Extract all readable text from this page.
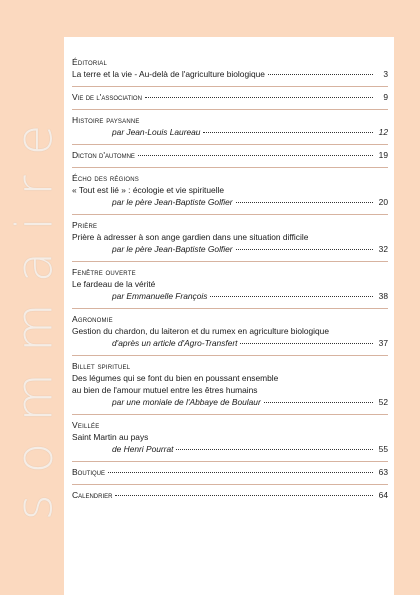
sommaire
Éditorial
La terre et la vie - Au-delà de l'agriculture biologique	3
Vie de l'association	9
Histoire paysanne
par Jean-Louis Laureau	12
Dicton d'automne	19
Écho des régions
« Tout est lié » : écologie et vie spirituelle
par le père Jean-Baptiste Golfier	20
Prière
Prière à adresser à son ange gardien dans une situation difficile
par le père Jean-Baptiste Golfier	32
Fenêtre ouverte
Le fardeau de la vérité
par Emmanuelle François	38
Agronomie
Gestion du chardon, du laiteron et du rumex en agriculture biologique
d'après un article d'Agro-Transfert	37
Billet spirituel
Des légumes qui se font du bien en poussant ensemble
au bien de l'amour mutuel entre les êtres humains
par une moniale de l'Abbaye de Boulaur	52
Veillée
Saint Martin au pays
de Henri Pourrat	55
Boutique	63
Calendrier	64
